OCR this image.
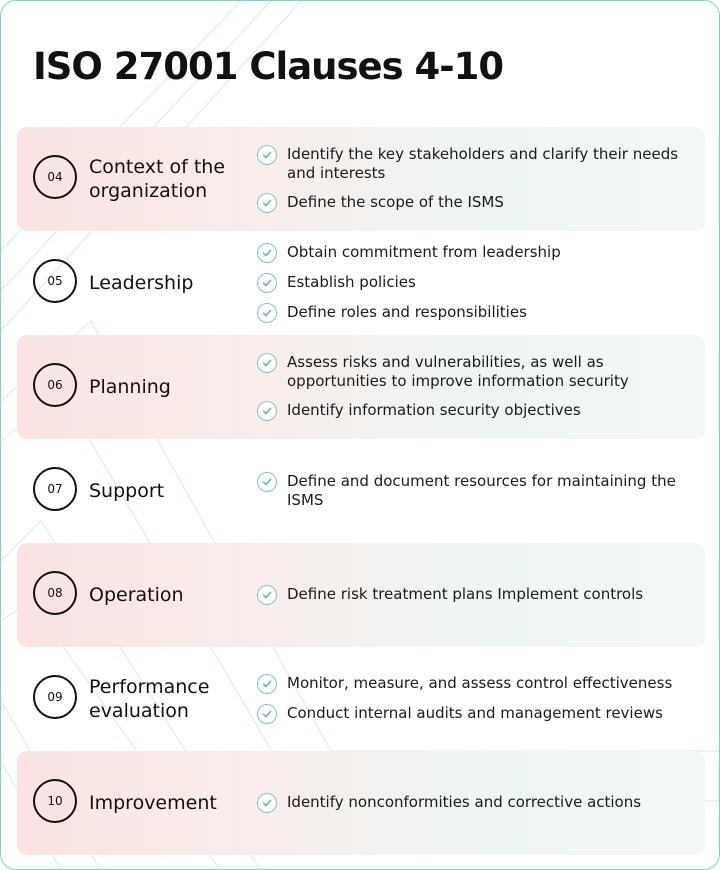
ISO 27001 Clauses 4-10
04	Context of the organization
Identify the key stakeholders and clarify their needs and interests
Define the scope of the ISMS
05	Leadership
Obtain commitment from leadership
Establish policies
Define roles and responsibilities
06	Planning
Assess risks and vulnerabilities, as well as opportunities to improve information security
Identify information security objectives
07	Support	Define and document resources for maintaining the ISMS
08	Operation	Define risk treatment plans Implement controls
09	Performance evaluation
Monitor, measure, and assess control effectiveness
Conduct internal audits and management reviews
10	Improvement	Identify nonconformities and corrective actions
